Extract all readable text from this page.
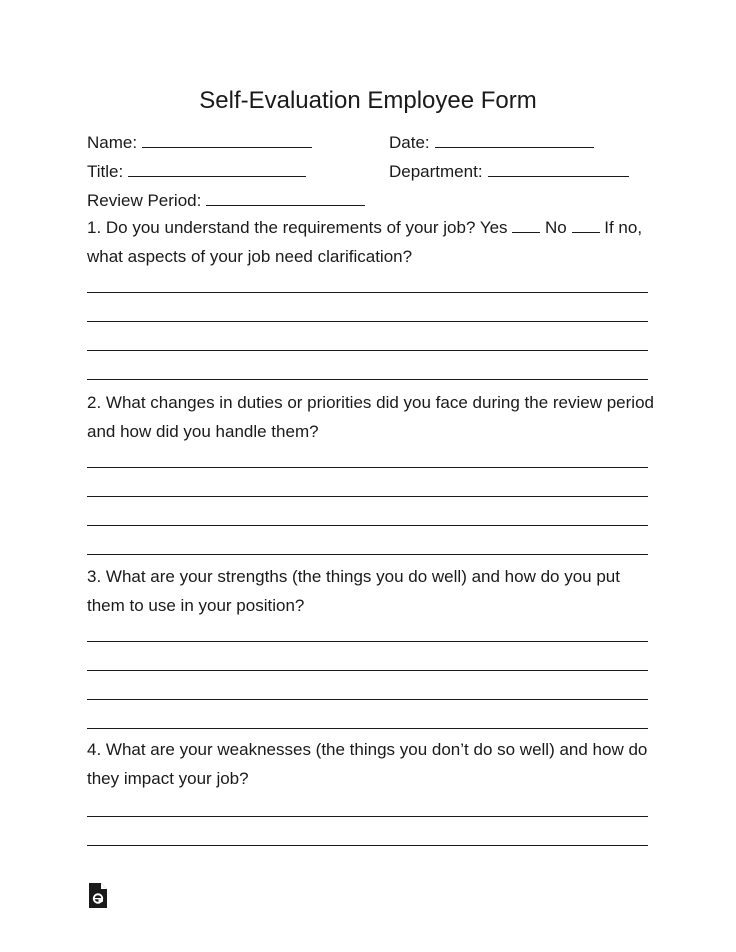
Self-Evaluation Employee Form
Name:	Date:
Title:	Department:
Review Period:
1. Do you understand the requirements of your job? Yes No If no, what aspects of your job need clarification?
2. What changes in duties or priorities did you face during the review period and how did you handle them?
3. What are your strengths (the things you do well) and how do you put them to use in your position?
4. What are your weaknesses (the things you don’t do so well) and how do they impact your job?
